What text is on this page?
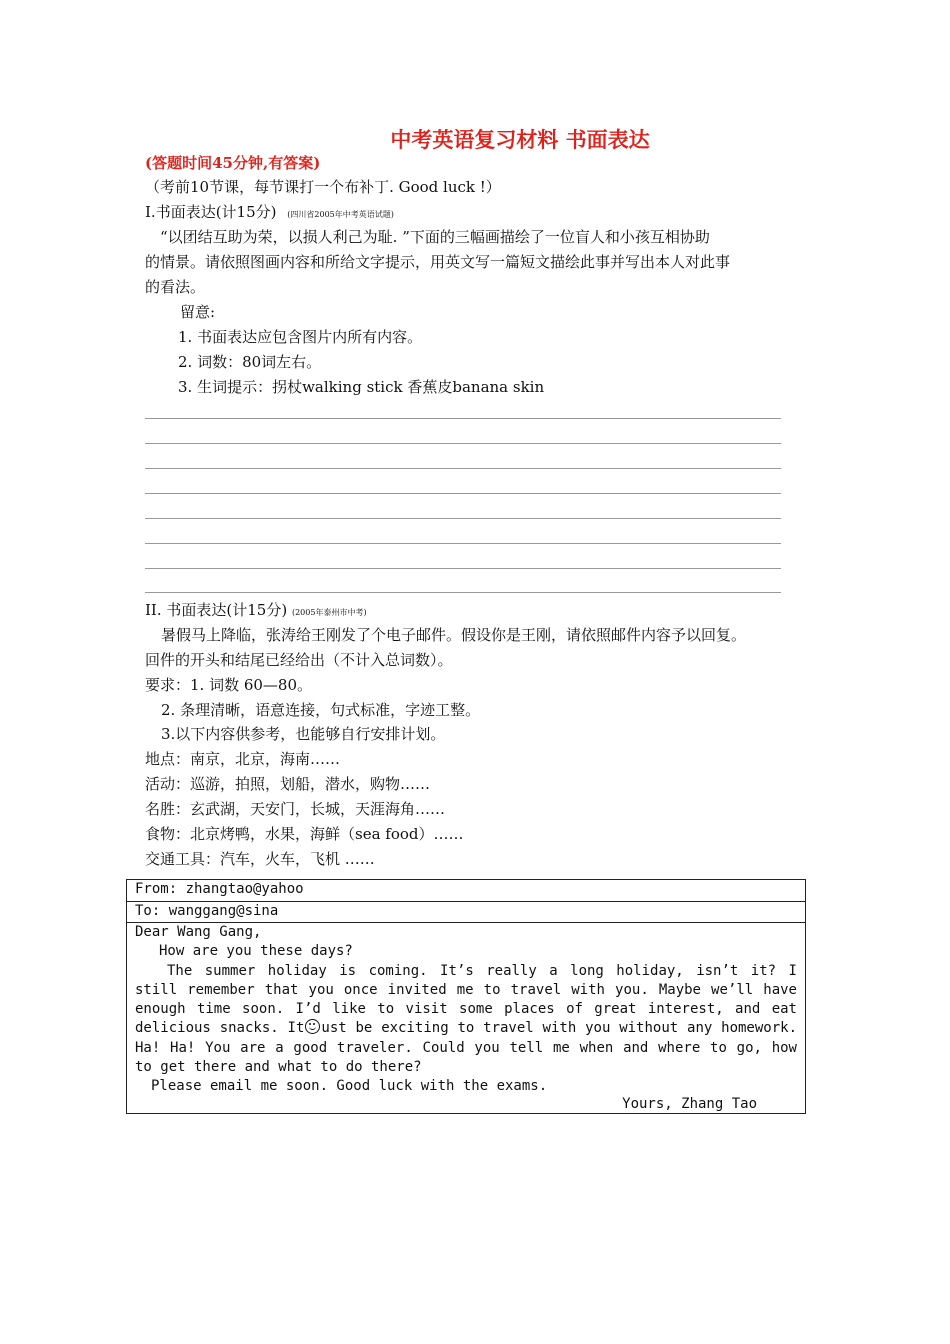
中考英语复习材料 书面表达
(答题时间45分钟,有答案)
（考前10节课，每节课打一个布补丁. Good luck !）
I.书面表达(计15分) (四川省2005年中考英语试题)
“以团结互助为荣，以损人利己为耻. ”下面的三幅画描绘了一位盲人和小孩互相协助
的情景。请依照图画内容和所给文字提示，用英文写一篇短文描绘此事并写出本人对此事
的看法。
留意:
1. 书面表达应包含图片内所有内容。
2. 词数：80词左右。
3. 生词提示：拐杖walking stick 香蕉皮banana skin
II. 书面表达(计15分) (2005年泰州市中考)
暑假马上降临，张涛给王刚发了个电子邮件。假设你是王刚，请依照邮件内容予以回复。
回件的开头和结尾已经给出（不计入总词数）。
要求：1. 词数 60—80。
2. 条理清晰，语意连接，句式标准，字迹工整。
3.以下内容供参考，也能够自行安排计划。
地点：南京，北京，海南……
活动：巡游，拍照，划船，潜水，购物……
名胜：玄武湖，天安门，长城，天涯海角……
食物：北京烤鸭，水果，海鲜（sea food）……
交通工具：汽车，火车，飞机 ……
From: zhangtao@yahoo
To: wanggang@sina

Dear Wang Gang,

How are you these days?

The summer holiday is coming. It’s really a long holiday, isn’t it? I still remember that you once invited me to travel with you. Maybe we’ll have enough time soon. I’d like to visit some places of great interest, and eat delicious snacks. It ust be exciting to travel with you without any homework. Ha! Ha! You are a good traveler. Could you tell me when and where to go, how to get there and what to do there?

Please email me soon. Good luck with the exams.

Yours, Zhang Tao
